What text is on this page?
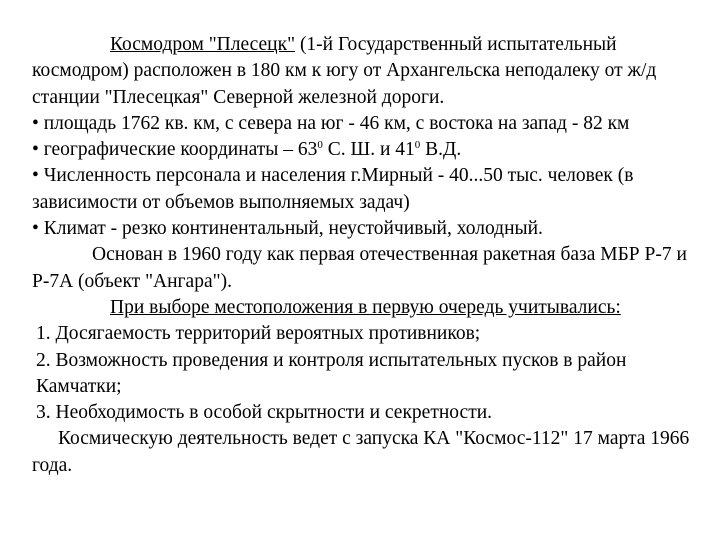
Космодром "Плесецк" (1-й Государственный испытательный космодром) расположен в 180 км к югу от Архангельска неподалеку от ж/д станции "Плесецкая" Северной железной дороги.

• площадь 1762 кв. км, с севера на юг - 46 км, с востока на запад - 82 км

• географические координаты – $63^0$ С. Ш. и $41^0$ В.Д.

• Численность персонала и населения г.Мирный - 40...50 тыс. человек (в зависимости от объемов выполняемых задач)

• Климат - резко континентальный, неустойчивый, холодный.

Основан в 1960 году как первая отечественная ракетная база МБР Р-7 и Р-7А (объект "Ангара").

При выборе местоположения в первую очередь учитывались:

1. Досягаемость территорий вероятных противников;

2. Возможность проведения и контроля испытательных пусков в район Камчатки;

3. Необходимость в особой скрытности и секретности.

Космическую деятельность ведет с запуска КА "Космос-112" 17 марта 1966 года.
